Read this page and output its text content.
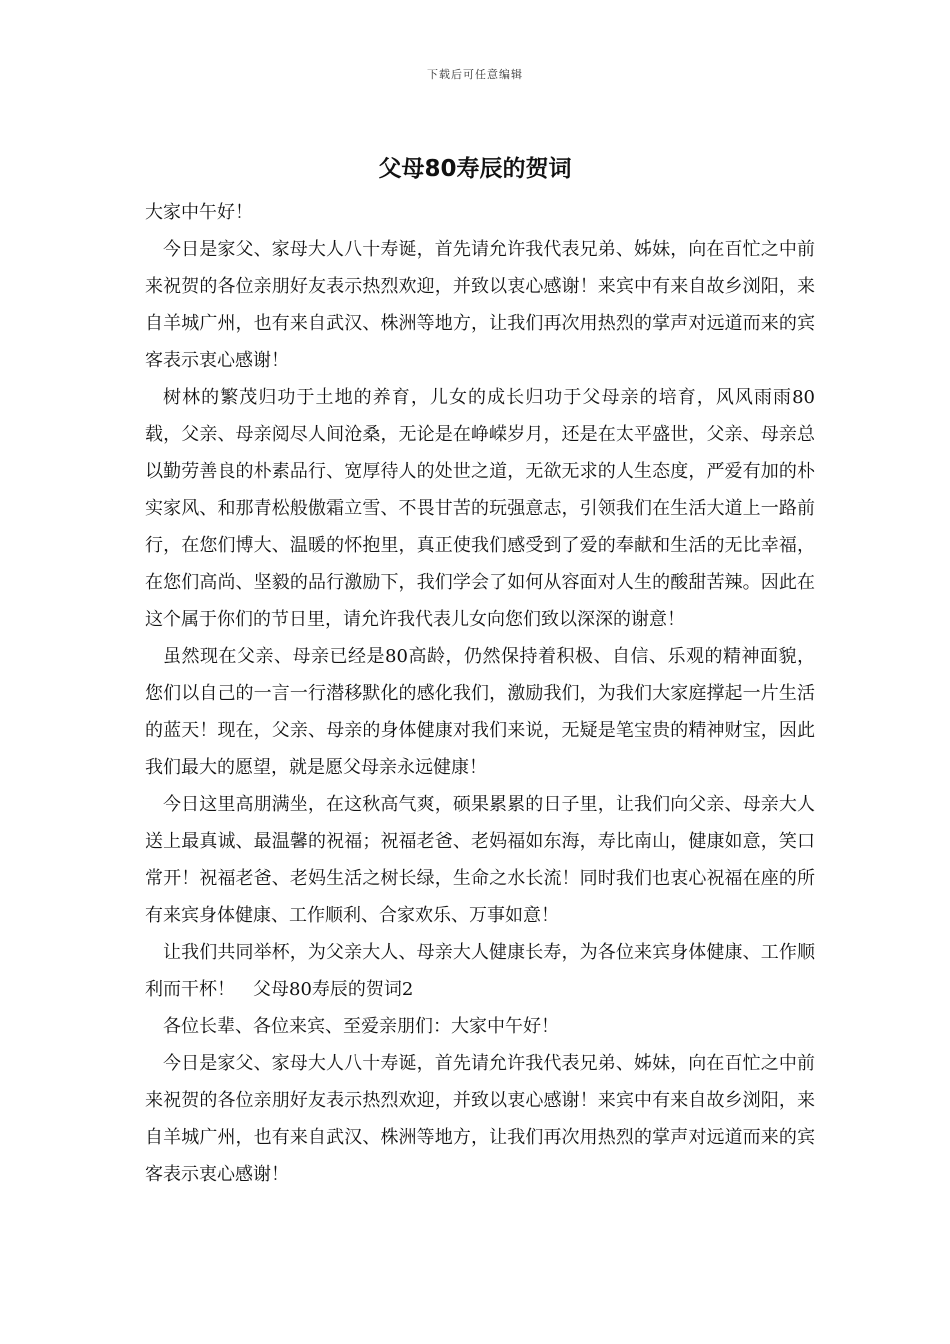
下载后可任意编辑
父母80寿辰的贺词

大家中午好！

今日是家父、家母大人八十寿诞，首先请允许我代表兄弟、姊妹，向在百忙之中前来祝贺的各位亲朋好友表示热烈欢迎，并致以衷心感谢！来宾中有来自故乡浏阳，来自羊城广州，也有来自武汉、株洲等地方，让我们再次用热烈的掌声对远道而来的宾客表示衷心感谢！

树林的繁茂归功于土地的养育，儿女的成长归功于父母亲的培育，风风雨雨80载，父亲、母亲阅尽人间沧桑，无论是在峥嵘岁月，还是在太平盛世，父亲、母亲总以勤劳善良的朴素品行、宽厚待人的处世之道，无欲无求的人生态度，严爱有加的朴实家风、和那青松般傲霜立雪、不畏甘苦的玩强意志，引领我们在生活大道上一路前行，在您们博大、温暖的怀抱里，真正使我们感受到了爱的奉献和生活的无比幸福，在您们高尚、坚毅的品行激励下，我们学会了如何从容面对人生的酸甜苦辣。因此在这个属于你们的节日里，请允许我代表儿女向您们致以深深的谢意！

虽然现在父亲、母亲已经是80高龄，仍然保持着积极、自信、乐观的精神面貌，您们以自己的一言一行潜移默化的感化我们，激励我们，为我们大家庭撑起一片生活的蓝天！现在，父亲、母亲的身体健康对我们来说，无疑是笔宝贵的精神财宝，因此我们最大的愿望，就是愿父母亲永远健康！

今日这里高朋满坐，在这秋高气爽，硕果累累的日子里，让我们向父亲、母亲大人送上最真诚、最温馨的祝福；祝福老爸、老妈福如东海，寿比南山，健康如意，笑口常开！祝福老爸、老妈生活之树长绿，生命之水长流！同时我们也衷心祝福在座的所有来宾身体健康、工作顺利、合家欢乐、万事如意！

让我们共同举杯，为父亲大人、母亲大人健康长寿，为各位来宾身体健康、工作顺利而干杯！　父母80寿辰的贺词2

各位长辈、各位来宾、至爱亲朋们：大家中午好！

今日是家父、家母大人八十寿诞，首先请允许我代表兄弟、姊妹，向在百忙之中前来祝贺的各位亲朋好友表示热烈欢迎，并致以衷心感谢！来宾中有来自故乡浏阳，来自羊城广州，也有来自武汉、株洲等地方，让我们再次用热烈的掌声对远道而来的宾客表示衷心感谢！
